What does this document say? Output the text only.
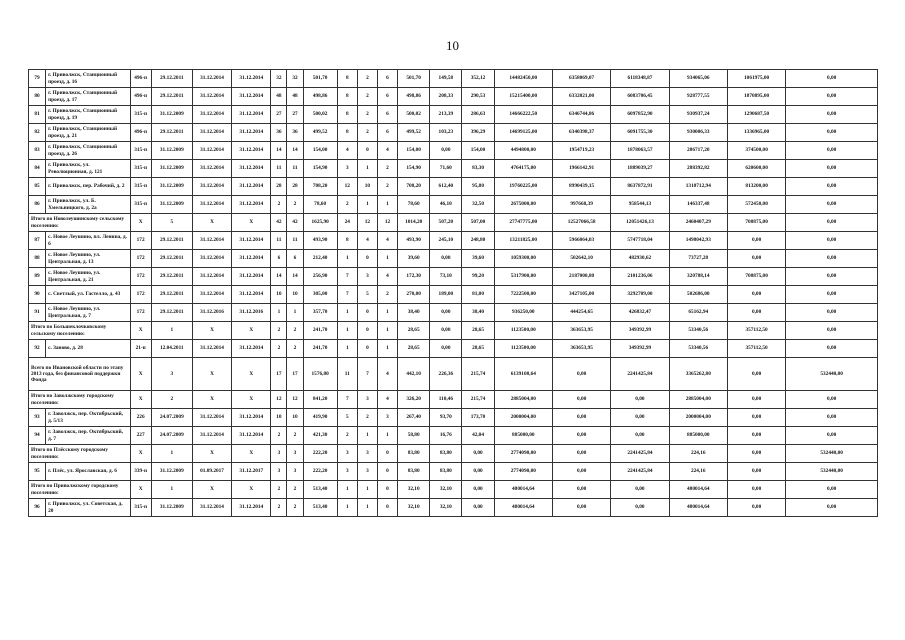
10
79	г. Приволжск, Станционный проезд, д. 16	496-п	29.12.2011	31.12.2014	31.12.2014	32	32	501,70	8	2	6	501,70	149,58	352,12	14482450,00	6358069,07	6118348,87	934065,06	1061975,00	0,00
80	г. Приволжск, Станционный проезд, д. 17	496-п	29.12.2011	31.12.2014	31.12.2014	48	48	498,86	8	2	6	498,86	208,33	290,53	15215400,00	6332021,00	6083706,45	928777,55	1870895,00	0,00
81	г. Приволжск, Станционный проезд, д. 19	315-п	31.12.2009	31.12.2014	31.12.2014	27	27	500,02	8	2	6	500,02	213,39	286,63	14666222,50	6346744,86	6097852,90	930937,24	1290687,50	0,00
82	г. Приволжск, Станционный проезд, д. 21	496-п	29.12.2011	31.12.2014	31.12.2014	36	36	499,52	8	2	6	499,52	103,23	396,29	14699125,00	6340398,37	6091755,30	930006,33	1336965,00	0,00
83	г. Приволжск, Станционный проезд, д. 26	315-п	31.12.2009	31.12.2014	31.12.2014	14	14	154,00	4	0	4	154,00	0,00	154,00	4494800,00	1954719,23	1878063,57	286717,20	374500,00	0,00
84	г. Приволжск, ул. Революционная, д. 121	315-п	31.12.2009	31.12.2014	31.12.2014	11	11	154,90	3	1	2	154,90	71,60	83,30	4764175,00	1966142,91	1889039,27	288392,82	620600,00	0,00
85	г. Приволжск, пер. Рабочий, д. 2	315-п	31.12.2009	31.12.2014	31.12.2014	28	28	708,20	12	10	2	708,20	612,40	95,80	19760225,00	8990439,15	8637872,91	1318712,94	813200,00	0,00
86	г. Приволжск, ул. Б. Хмельницкого, д. 2а	315-п	31.12.2009	31.12.2014	31.12.2014	2	2	78,60	2	1	1	78,60	46,10	32,50	2675000,00	997668,39	958544,13	146337,48	572450,00	0,00
Итого по Новолеушинскому сельскому поселению:		X	5	X	X	42	42	1625,90	24	12	12	1014,20	507,20	507,00	27747775,00	12527066,58	12051426,13	2460407,29	708875,00	0,00
87	с. Новое Леушино, пл. Ленина, д. 6	172	29.12.2011	31.12.2014	31.12.2014	11	11	493,90	8	4	4	493,90	245,10	248,80	13211825,00	5966064,03	5747718,04	1498042,93	0,00	0,00
88	с. Новое Леушино, ул. Центральная, д. 13	172	29.12.2011	31.12.2014	31.12.2014	6	6	212,40	1	0	1	39,60	0,00	39,60	1059300,00	502642,10	482930,62	73727,28	0,00	0,00
89	с. Новое Леушино, ул. Центральная, д. 21	172	29.12.2011	31.12.2014	31.12.2014	14	14	256,90	7	3	4	172,30	73,10	99,20	5317900,00	2187000,80	2101236,06	320788,14	708875,00	0,00
90	с. Светлый, ул. Гастелло, д. 43	172	29.12.2011	31.12.2014	31.12.2014	10	10	305,00	7	5	2	270,00	189,00	81,00	7222500,00	3427105,00	3292709,00	502686,00	0,00	0,00
91	с. Новое Леушино, ул. Центральная, д. 7	172	29.12.2011	31.12.2016	31.12.2016	1	1	357,70	1	0	1	38,40	0,00	38,40	936250,00	444254,65	426832,47	65162,94	0,00	0,00
Итого по Большеклочковскому сельскому поселению:		X	1	X	X	2	2	241,70	1	0	1	28,65	0,00	28,65	1123500,00	363653,95	349392,99	53340,56	357112,50	0,00
92	с. Заново, д. 28	21-п	12.04.2011	31.12.2014	31.12.2014	2	2	241,70	1	0	1	28,65	0,00	28,65	1123500,00	363653,95	349392,99	53340,56	357112,50	0,00
Всего по Ивановской области по этапу 2013 года, без финансовой поддержки Фонда		X	3	X	X	17	17	1576,80	11	7	4	442,10	226,36	215,74	6139108,64	0,00	2241425,84	3365262,80	0,00	532440,00
Итого по Заволжскому городскому поселению:		X	2	X	X	12	12	841,20	7	3	4	326,20	110,46	215,74	2885004,00	0,00	0,00	2885004,00	0,00	0,00
93	г. Заволжск, пер. Октябрьский, д. 5/13	226	24.07.2009	31.12.2014	31.12.2014	10	10	419,90	5	2	3	267,40	93,70	173,70	2000004,00	0,00	0,00	2000004,00	0,00	0,00
94	г. Заволжск, пер. Октябрьский, д. 7	227	24.07.2009	31.12.2014	31.12.2014	2	2	421,30	2	1	1	58,80	16,76	42,04	885000,00	0,00	0,00	885000,00	0,00	0,00
Итого по Плёсскому городскому поселению:		X	1	X	X	3	3	222,20	3	3	0	83,80	83,80	0,00	2774090,00	0,00	2241425,84	224,16	0,00	532440,00
95	г. Плёс, ул. Ярославская, д. 6	339-п	31.12.2009	01.09.2017	31.12.2017	3	3	222,20	3	3	0	83,80	83,80	0,00	2774090,00	0,00	2241425,84	224,16	0,00	532440,00
Итого по Приволжскому городскому поселению:		X	1	X	X	2	2	513,40	1	1	0	32,10	32,10	0,00	480014,64	0,00	0,00	480014,64	0,00	0,00
96	г. Приволжск, ул. Советская, д. 20	315-п	31.12.2009	31.12.2014	31.12.2014	2	2	513,40	1	1	0	32,10	32,10	0,00	480014,64	0,00	0,00	480014,64	0,00	0,00
